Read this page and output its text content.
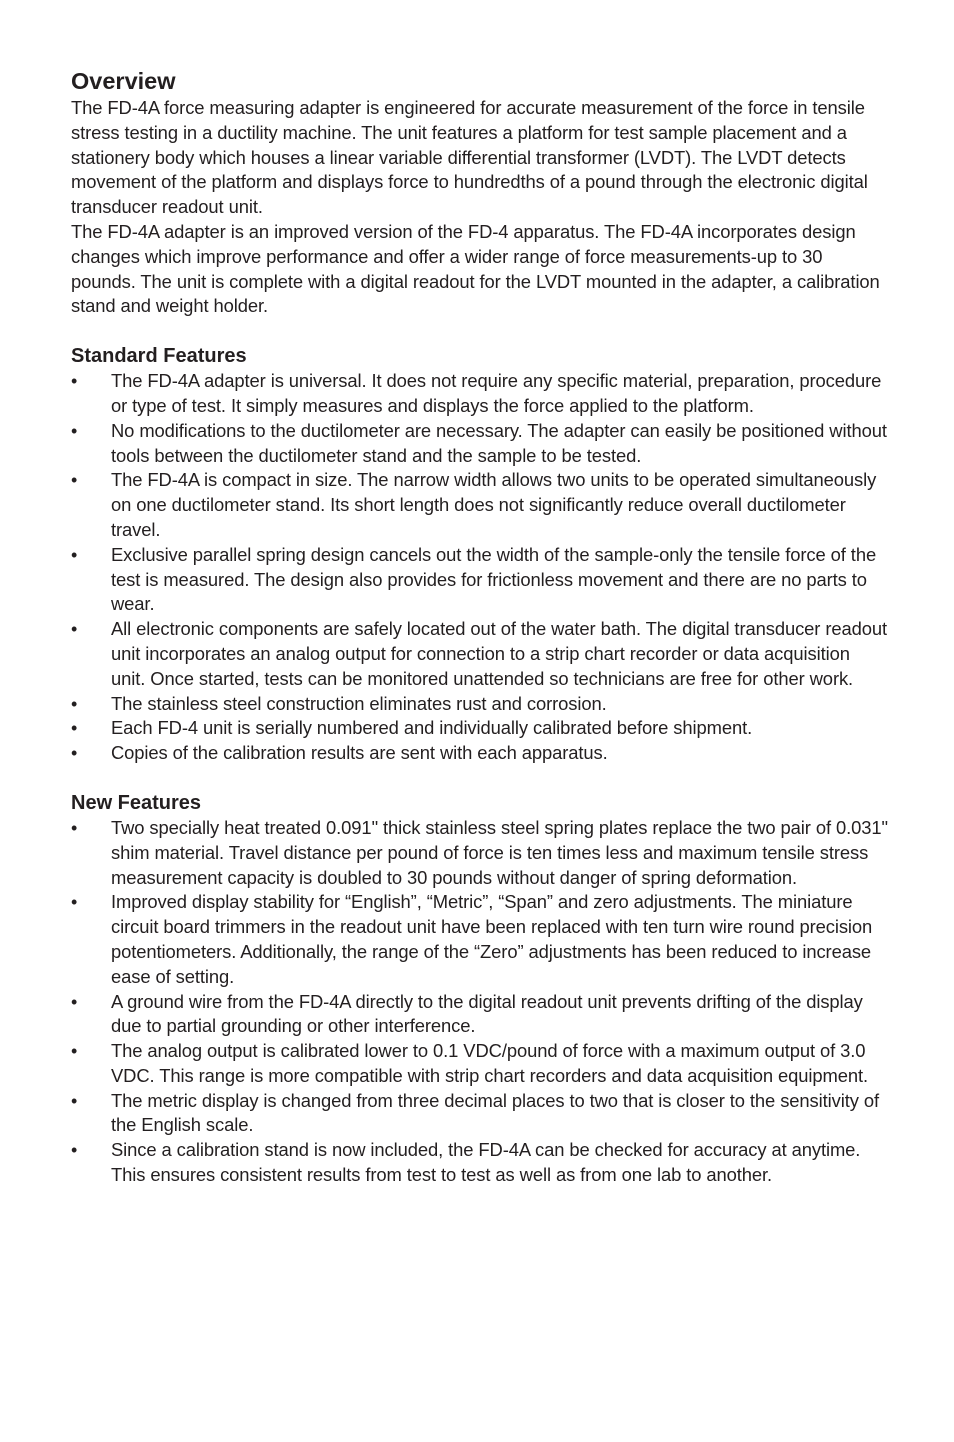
Overview

The FD-4A force measuring adapter is engineered for accurate measurement of the force in tensile stress testing in a ductility machine. The unit features a platform for test sample placement and a stationery body which houses a linear variable differential transformer (LVDT). The LVDT detects movement of the platform and displays force to hundredths of a pound through the electronic digital transducer readout unit.

The FD-4A adapter is an improved version of the FD-4 apparatus. The FD-4A incorporates design changes which improve performance and offer a wider range of force measurements-up to 30 pounds. The unit is complete with a digital readout for the LVDT mounted in the adapter, a calibration stand and weight holder.

Standard Features
• The FD-4A adapter is universal. It does not require any specific material, preparation, procedure or type of test. It simply measures and displays the force applied to the platform.
• No modifications to the ductilometer are necessary. The adapter can easily be positioned without tools between the ductilometer stand and the sample to be tested.
• The FD-4A is compact in size. The narrow width allows two units to be operated simultaneously on one ductilometer stand. Its short length does not significantly reduce overall ductilometer travel.
• Exclusive parallel spring design cancels out the width of the sample-only the tensile force of the test is measured. The design also provides for frictionless movement and there are no parts to wear.
• All electronic components are safely located out of the water bath. The digital transducer readout unit incorporates an analog output for connection to a strip chart recorder or data acquisition unit. Once started, tests can be monitored unattended so technicians are free for other work.
• The stainless steel construction eliminates rust and corrosion.
• Each FD-4 unit is serially numbered and individually calibrated before shipment.
• Copies of the calibration results are sent with each apparatus.
New Features
• Two specially heat treated 0.091" thick stainless steel spring plates replace the two pair of 0.031" shim material. Travel distance per pound of force is ten times less and maximum tensile stress measurement capacity is doubled to 30 pounds without danger of spring deformation.
• Improved display stability for “English”, “Metric”, “Span” and zero adjustments. The miniature circuit board trimmers in the readout unit have been replaced with ten turn wire round precision potentiometers. Additionally, the range of the “Zero” adjustments has been reduced to increase ease of setting.
• A ground wire from the FD-4A directly to the digital readout unit prevents drifting of the display due to partial grounding or other interference.
• The analog output is calibrated lower to 0.1 VDC/pound of force with a maximum output of 3.0 VDC. This range is more compatible with strip chart recorders and data acquisition equipment.
• The metric display is changed from three decimal places to two that is closer to the sensitivity of the English scale.
• Since a calibration stand is now included, the FD-4A can be checked for accuracy at anytime. This ensures consistent results from test to test as well as from one lab to another.
